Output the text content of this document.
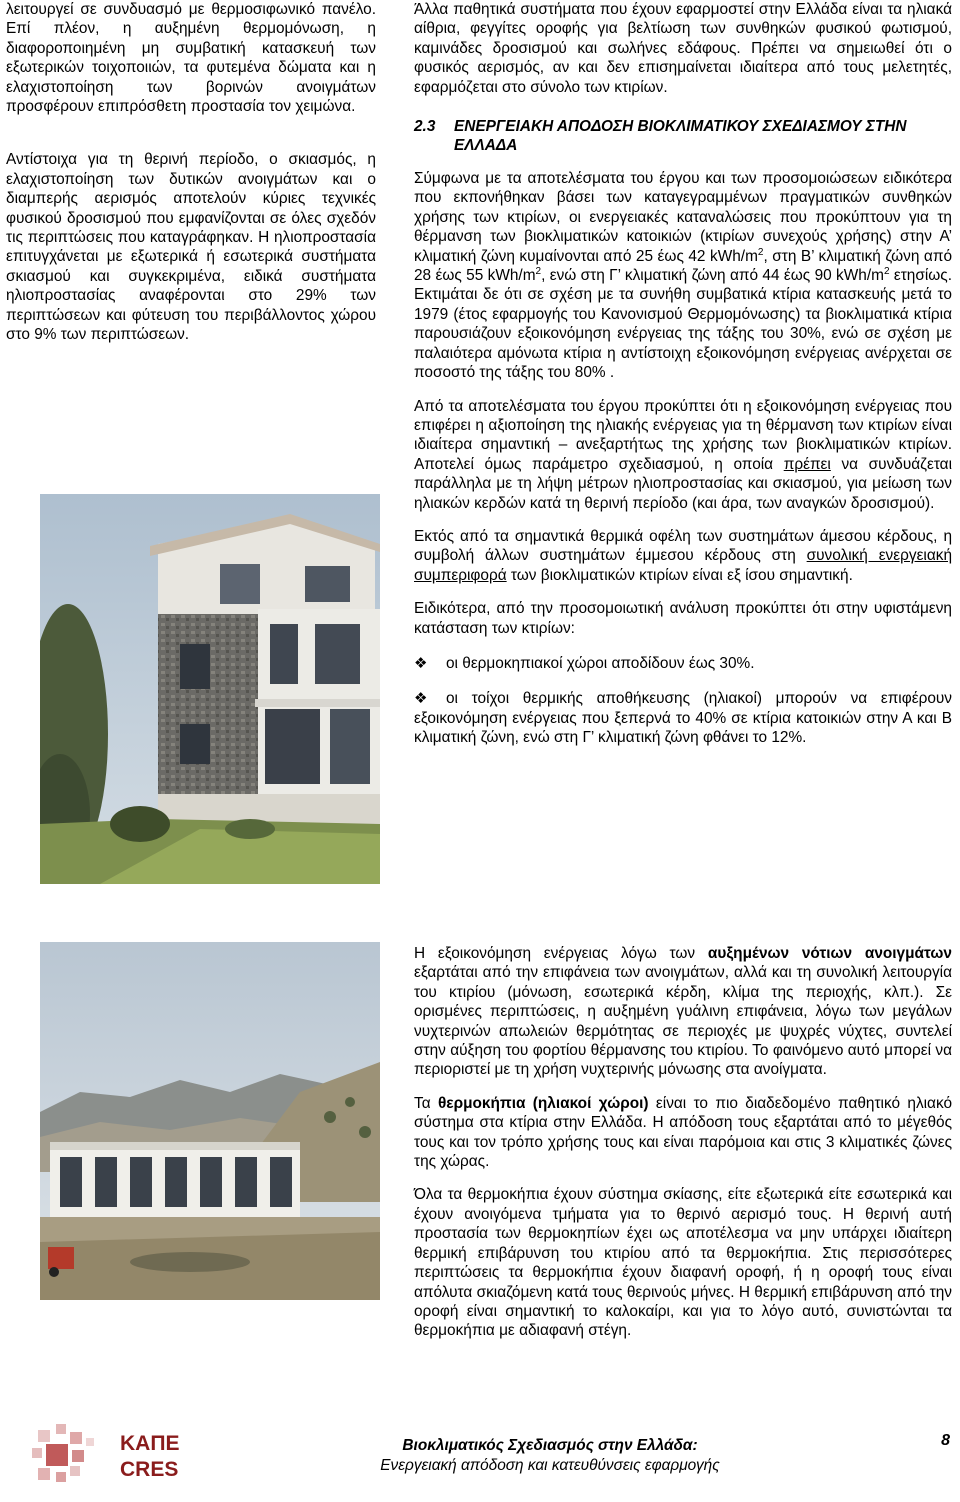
λειτουργεί σε συνδυασμό με θερμοσιφωνικό πανέλο. Επί πλέον, η αυξημένη θερμομόνωση, η διαφοροποιημένη μη συμβατική κατασκευή των εξωτερικών τοιχοποιιών, τα φυτεμένα δώματα και η ελαχιστοποίηση των βορινών ανοιγμάτων προσφέρουν επιπρόσθετη προστασία τον χειμώνα.

Αντίστοιχα για τη θερινή περίοδο, ο σκιασμός, η ελαχιστοποίηση των δυτικών ανοιγμάτων και ο διαμπερής αερισμός αποτελούν κύριες τεχνικές φυσικού δροσισμού που εμφανίζονται σε όλες σχεδόν τις περιπτώσεις που καταγράφηκαν. Η ηλιοπροστασία επιτυγχάνεται με εξωτερικά ή εσωτερικά συστήματα σκιασμού και συγκεκριμένα, ειδικά συστήματα ηλιοπροστασίας αναφέρονται στο 29% των περιπτώσεων και φύτευση του περιβάλλοντος χώρου στο 9% των περιπτώσεων.

Άλλα παθητικά συστήματα που έχουν εφαρμοστεί στην Ελλάδα είναι τα ηλιακά αίθρια, φεγγίτες οροφής για βελτίωση των συνθηκών φυσικού φωτισμού, καμινάδες δροσισμού και σωλήνες εδάφους. Πρέπει να σημειωθεί ότι ο φυσικός αερισμός, αν και δεν επισημαίνεται ιδιαίτερα από τους μελετητές, εφαρμόζεται στο σύνολο των κτιρίων.

2.3	ΕΝΕΡΓΕΙΑΚΗ ΑΠΟΔΟΣΗ ΒΙΟΚΛΙΜΑΤΙΚΟΥ ΣΧΕΔΙΑΣΜΟΥ ΣΤΗΝ ΕΛΛΑΔΑ

Σύμφωνα με τα αποτελέσματα του έργου και των προσομοιώσεων ειδικότερα που εκπονήθηκαν βάσει των καταγεγραμμένων πραγματικών συνθηκών χρήσης των κτιρίων, οι ενεργειακές καταναλώσεις που προκύπτουν για τη θέρμανση των βιοκλιματικών κατοικιών (κτιρίων συνεχούς χρήσης) στην Α’ κλιματική ζώνη κυμαίνονται από 25 έως 42 kWh/$m^2$, στη Β’ κλιματική ζώνη από 28 έως 55 kWh/$m^2$, ενώ στη Γ’ κλιματική ζώνη από 44 έως 90 kWh/$m^2$ ετησίως. Εκτιμάται δε ότι σε σχέση με τα συνήθη συμβατικά κτίρια κατασκευής μετά το 1979 (έτος εφαρμογής του Κανονισμού Θερμομόνωσης) τα βιοκλιματικά κτίρια παρουσιάζουν εξοικονόμηση ενέργειας της τάξης του 30%, ενώ σε σχέση με παλαιότερα αμόνωτα κτίρια η αντίστοιχη εξοικονόμηση ενέργειας ανέρχεται σε ποσοστό της τάξης του 80% .

Από τα αποτελέσματα του έργου προκύπτει ότι η εξοικονόμηση ενέργειας που επιφέρει η αξιοποίηση της ηλιακής ενέργειας για τη θέρμανση των κτιρίων είναι ιδιαίτερα σημαντική – ανεξαρτήτως της χρήσης των βιοκλιματικών κτιρίων. Αποτελεί όμως παράμετρο σχεδιασμού, η οποία πρέπει να συνδυάζεται παράλληλα με τη λήψη μέτρων ηλιοπροστασίας και σκιασμού, για μείωση των ηλιακών κερδών κατά τη θερινή περίοδο (και άρα, των αναγκών δροσισμού).

Εκτός από τα σημαντικά θερμικά οφέλη των συστημάτων άμεσου κέρδους, η συμβολή άλλων συστημάτων έμμεσου κέρδους στη συνολική ενεργειακή συμπεριφορά των βιοκλιματικών κτιρίων είναι εξ ίσου σημαντική.

Ειδικότερα, από την προσομοιωτική ανάλυση προκύπτει ότι στην υφιστάμενη κατάσταση των κτιρίων:

❖	οι θερμοκηπιακοί χώροι αποδίδουν έως 30%.

❖ οι τοίχοι θερμικής αποθήκευσης (ηλιακοί) μπορούν να επιφέρουν εξοικονόμηση ενέργειας που ξεπερνά το 40% σε κτίρια κατοικιών στην Α και Β κλιματική ζώνη, ενώ στη Γ’ κλιματική ζώνη φθάνει το 12%.

Η εξοικονόμηση ενέργειας λόγω των αυξημένων νότιων ανοιγμάτων εξαρτάται από την επιφάνεια των ανοιγμάτων, αλλά και τη συνολική λειτουργία του κτιρίου (μόνωση, εσωτερικά κέρδη, κλίμα της περιοχής, κλπ.). Σε ορισμένες περιπτώσεις, η αυξημένη γυάλινη επιφάνεια, λόγω των μεγάλων νυχτερινών απωλειών θερμότητας σε περιοχές με ψυχρές νύχτες, συντελεί στην αύξηση του φορτίου θέρμανσης του κτιρίου. Το φαινόμενο αυτό μπορεί να περιοριστεί με τη χρήση νυχτερινής μόνωσης στα ανοίγματα.

Τα θερμοκήπια (ηλιακοί χώροι) είναι το πιο διαδεδομένο παθητικό ηλιακό σύστημα στα κτίρια στην Ελλάδα. Η απόδοση τους εξαρτάται από το μέγεθός τους και τον τρόπο χρήσης τους και είναι παρόμοια και στις 3 κλιματικές ζώνες της χώρας.

Όλα τα θερμοκήπια έχουν σύστημα σκίασης, είτε εξωτερικά είτε εσωτερικά και έχουν ανοιγόμενα τμήματα για το θερινό αερισμό τους. Η θερινή αυτή προστασία των θερμοκηπίων έχει ως αποτέλεσμα να μην υπάρχει ιδιαίτερη θερμική επιβάρυνση του κτιρίου από τα θερμοκήπια. Στις περισσότερες περιπτώσεις τα θερμοκήπια έχουν διαφανή οροφή, ή η οροφή τους είναι απόλυτα σκιαζόμενη κατά τους θερινούς μήνες. Η θερμική επιβάρυνση από την οροφή είναι σημαντική το καλοκαίρι, και για το λόγο αυτό, συνιστώνται τα θερμοκήπια με αδιαφανή στέγη.

ΚΑΠΕ
CRES
Βιοκλιματικός Σχεδιασμός στην Ελλάδα:
Ενεργειακή απόδοση και κατευθύνσεις εφαρμογής
8
